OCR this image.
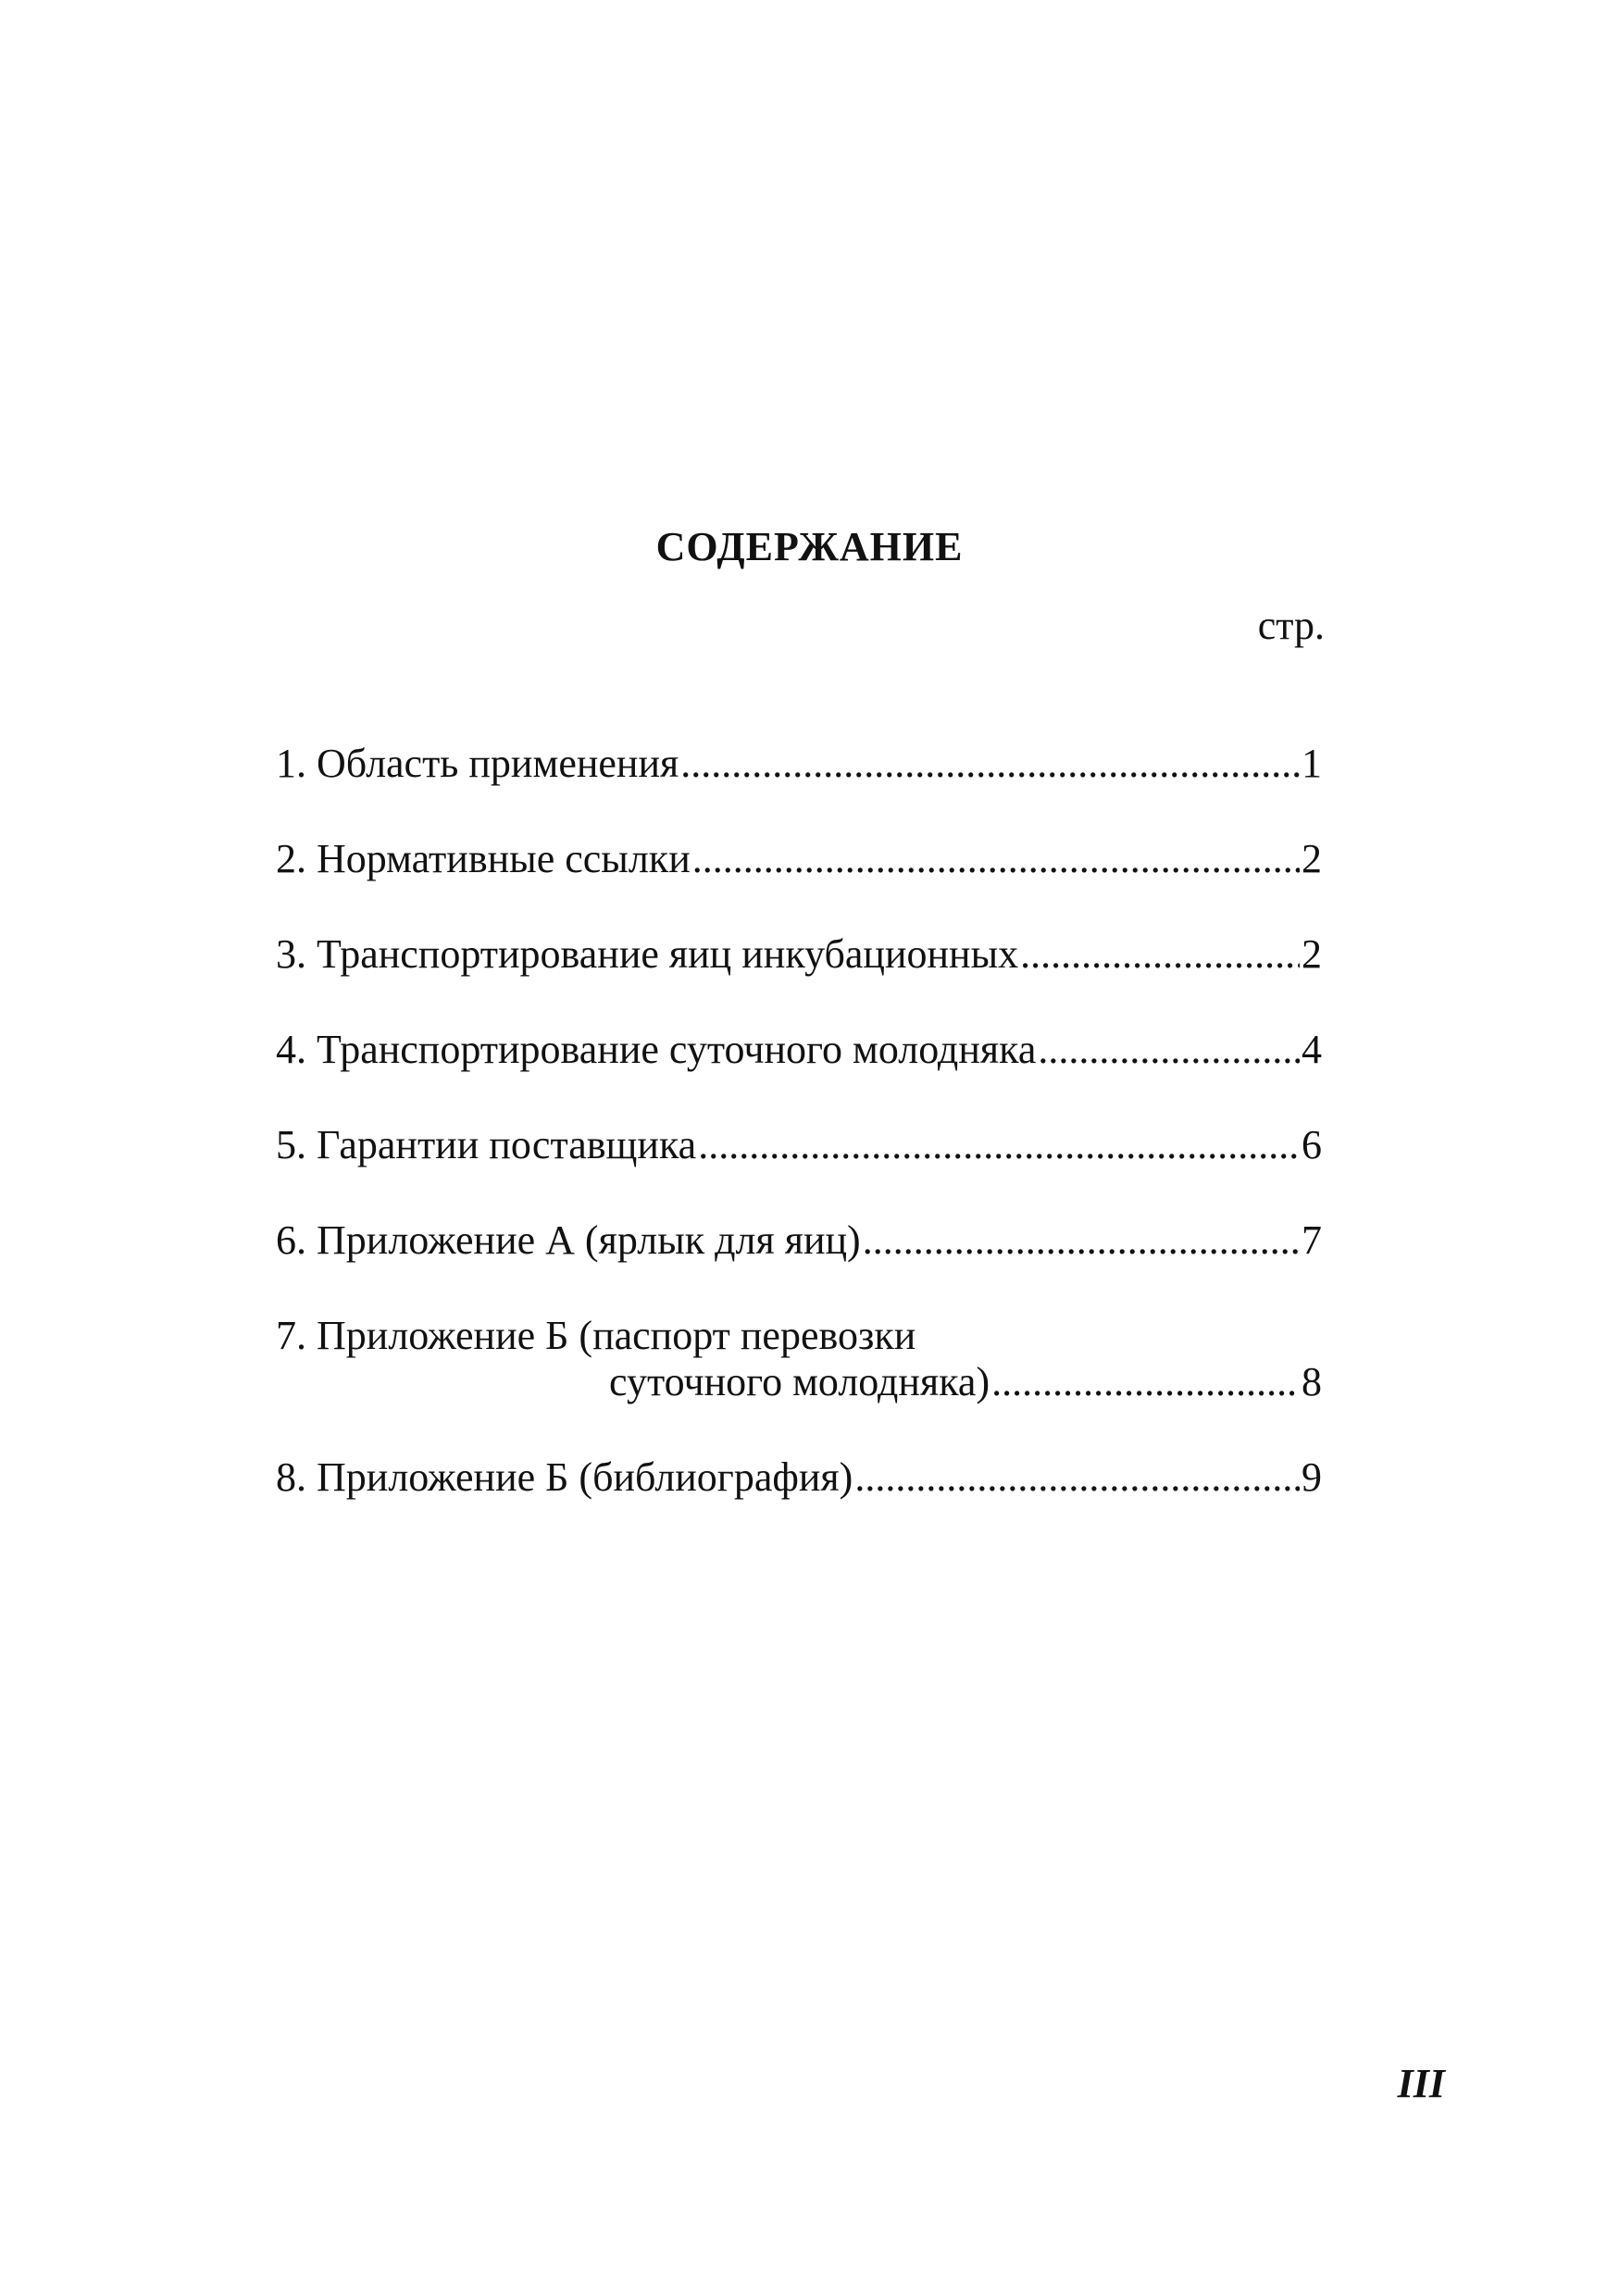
СОДЕРЖАНИЕ
стр.
1. Область применения .....	1
2. Нормативные ссылки .....	2
3. Транспортирование яиц инкубационных .....	2
4. Транспортирование суточного молодняка .....	4
5. Гарантии поставщика .....	6
6. Приложение А (ярлык для яиц) .....	7
7. Приложение Б (паспорт перевозки
суточного молодняка) .....	8
8. Приложение Б (библиография) .....	9
III
